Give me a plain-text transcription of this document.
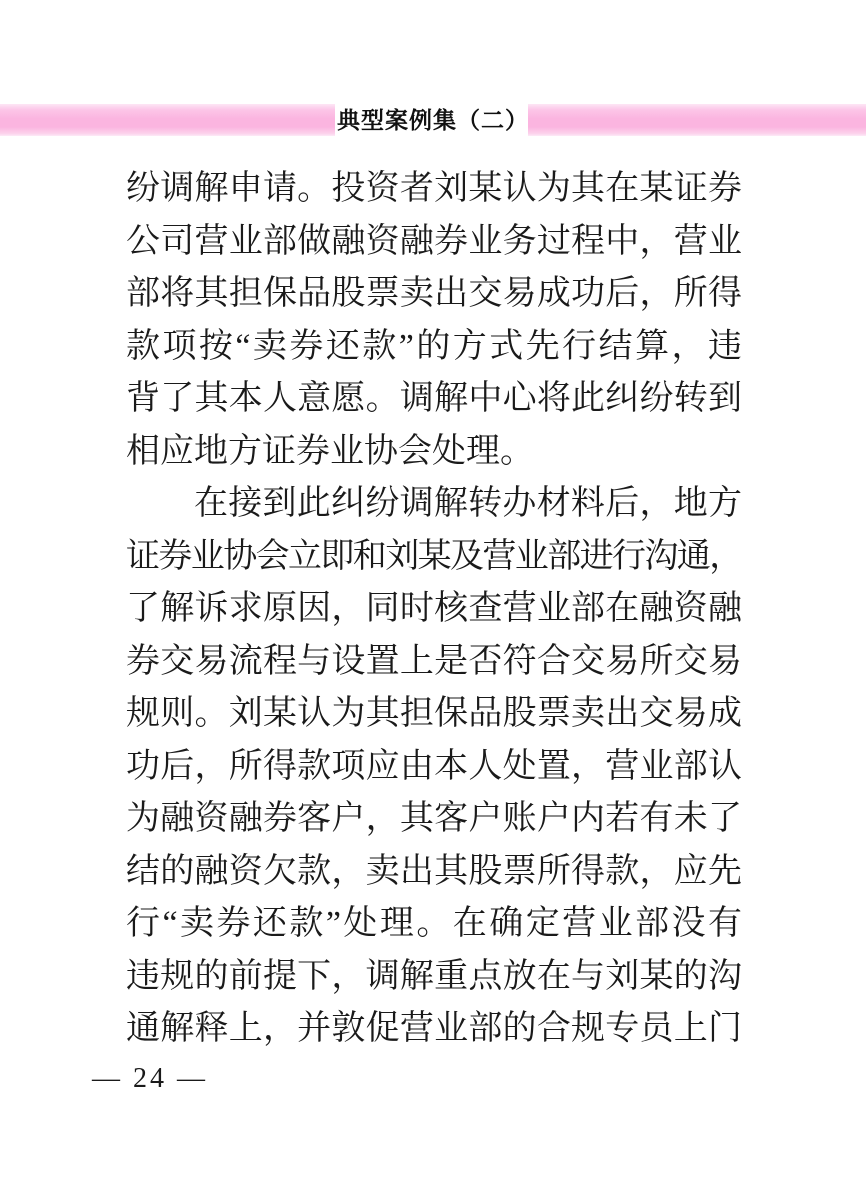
典型案例集（二）
纷调解申请。投资者刘某认为其在某证券
公司营业部做融资融券业务过程中，营业
部将其担保品股票卖出交易成功后，所得
款项按“卖券还款”的方式先行结算，违
背了其本人意愿。调解中心将此纠纷转到
相应地方证券业协会处理。
在接到此纠纷调解转办材料后，地方
证券业协会立即和刘某及营业部进行沟通，
了解诉求原因，同时核查营业部在融资融
券交易流程与设置上是否符合交易所交易
规则。刘某认为其担保品股票卖出交易成
功后，所得款项应由本人处置，营业部认
为融资融券客户，其客户账户内若有未了
结的融资欠款，卖出其股票所得款，应先
行“卖券还款”处理。在确定营业部没有
违规的前提下，调解重点放在与刘某的沟
通解释上，并敦促营业部的合规专员上门
— 24 —
